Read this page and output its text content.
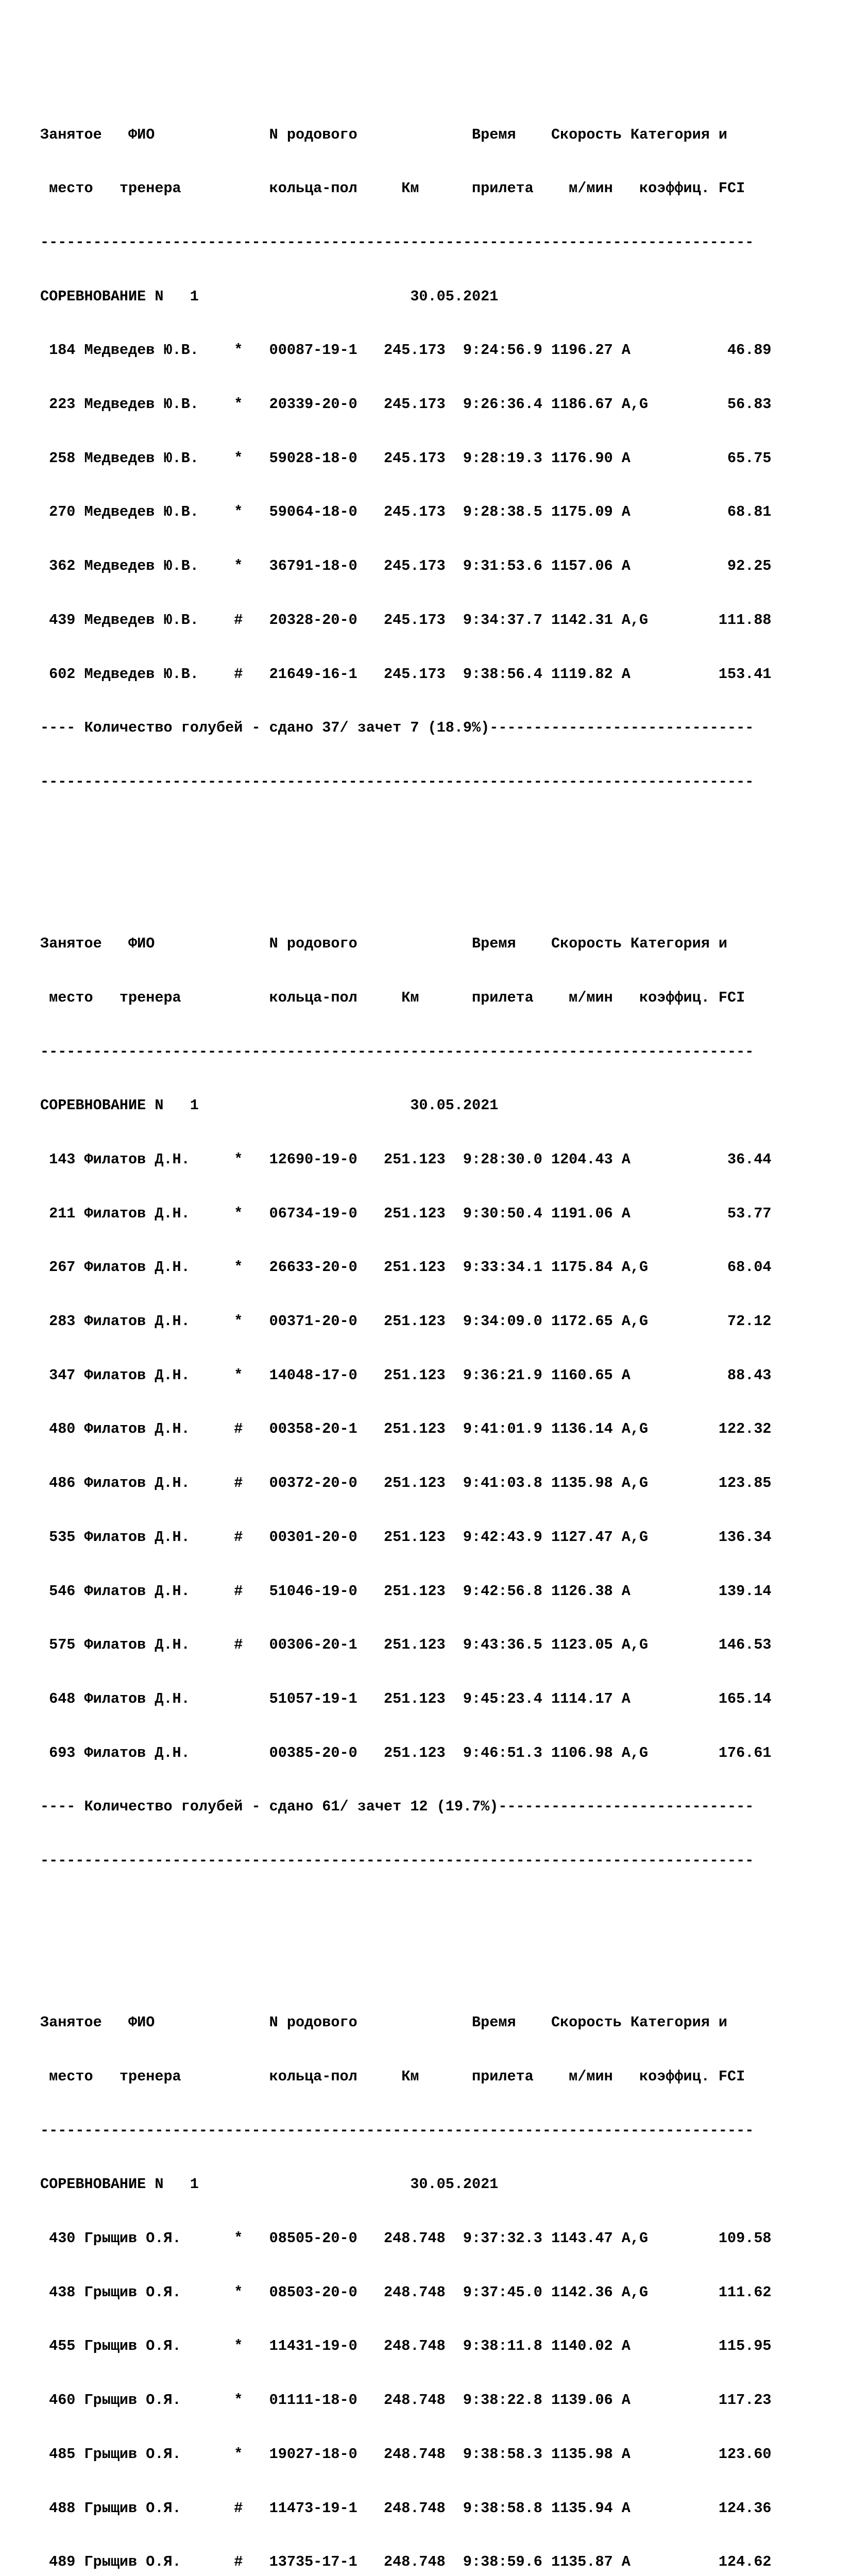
Занятое   ФИО             N родового             Время    Скорость Категория и

место   тренера          кольца-пол     Км      прилета    м/мин   коэффиц. FCI

---------------------------------------------------------------------------------

СОРЕВНОВАНИЕ N   1                        30.05.2021

184 Медведев Ю.В.    *   00087-19-1   245.173  9:24:56.9 1196.27 A           46.89

223 Медведев Ю.В.    *   20339-20-0   245.173  9:26:36.4 1186.67 A,G         56.83

258 Медведев Ю.В.    *   59028-18-0   245.173  9:28:19.3 1176.90 A           65.75

270 Медведев Ю.В.    *   59064-18-0   245.173  9:28:38.5 1175.09 A           68.81

362 Медведев Ю.В.    *   36791-18-0   245.173  9:31:53.6 1157.06 A           92.25

439 Медведев Ю.В.    #   20328-20-0   245.173  9:34:37.7 1142.31 A,G        111.88

602 Медведев Ю.В.    #   21649-16-1   245.173  9:38:56.4 1119.82 A          153.41

---- Количество голубей - сдано 37/ зачет 7 (18.9%)------------------------------

---------------------------------------------------------------------------------

Занятое   ФИО             N родового             Время    Скорость Категория и

место   тренера          кольца-пол     Км      прилета    м/мин   коэффиц. FCI

---------------------------------------------------------------------------------

СОРЕВНОВАНИЕ N   1                        30.05.2021

143 Филатов Д.Н.     *   12690-19-0   251.123  9:28:30.0 1204.43 A           36.44

211 Филатов Д.Н.     *   06734-19-0   251.123  9:30:50.4 1191.06 A           53.77

267 Филатов Д.Н.     *   26633-20-0   251.123  9:33:34.1 1175.84 A,G         68.04

283 Филатов Д.Н.     *   00371-20-0   251.123  9:34:09.0 1172.65 A,G         72.12

347 Филатов Д.Н.     *   14048-17-0   251.123  9:36:21.9 1160.65 A           88.43

480 Филатов Д.Н.     #   00358-20-1   251.123  9:41:01.9 1136.14 A,G        122.32

486 Филатов Д.Н.     #   00372-20-0   251.123  9:41:03.8 1135.98 A,G        123.85

535 Филатов Д.Н.     #   00301-20-0   251.123  9:42:43.9 1127.47 A,G        136.34

546 Филатов Д.Н.     #   51046-19-0   251.123  9:42:56.8 1126.38 A          139.14

575 Филатов Д.Н.     #   00306-20-1   251.123  9:43:36.5 1123.05 A,G        146.53

648 Филатов Д.Н.         51057-19-1   251.123  9:45:23.4 1114.17 A          165.14

693 Филатов Д.Н.         00385-20-0   251.123  9:46:51.3 1106.98 A,G        176.61

---- Количество голубей - сдано 61/ зачет 12 (19.7%)-----------------------------

---------------------------------------------------------------------------------

Занятое   ФИО             N родового             Время    Скорость Категория и

место   тренера          кольца-пол     Км      прилета    м/мин   коэффиц. FCI

---------------------------------------------------------------------------------

СОРЕВНОВАНИЕ N   1                        30.05.2021

430 Грыщив О.Я.      *   08505-20-0   248.748  9:37:32.3 1143.47 A,G        109.58

438 Грыщив О.Я.      *   08503-20-0   248.748  9:37:45.0 1142.36 A,G        111.62

455 Грыщив О.Я.      *   11431-19-0   248.748  9:38:11.8 1140.02 A          115.95

460 Грыщив О.Я.      *   01111-18-0   248.748  9:38:22.8 1139.06 A          117.23

485 Грыщив О.Я.      *   19027-18-0   248.748  9:38:58.3 1135.98 A          123.60

488 Грыщив О.Я.      #   11473-19-1   248.748  9:38:58.8 1135.94 A          124.36

489 Грыщив О.Я.      #   13735-17-1   248.748  9:38:59.6 1135.87 A          124.62
